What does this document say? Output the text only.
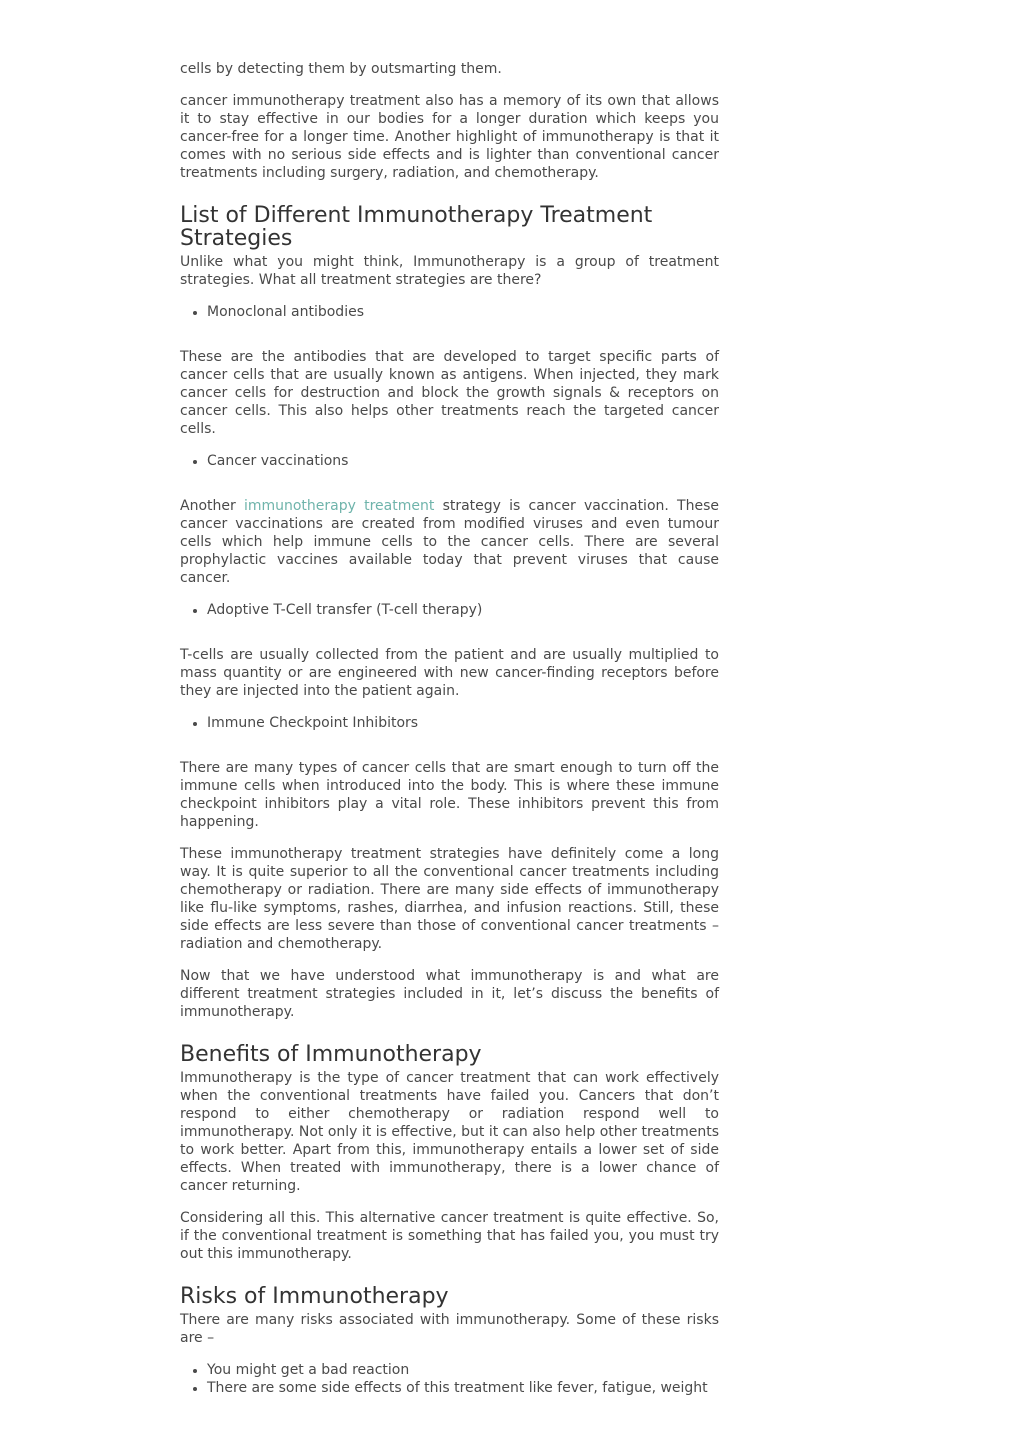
cells by detecting them by outsmarting them.

cancer immunotherapy treatment also has a memory of its own that allows it to stay effective in our bodies for a longer duration which keeps you cancer-free for a longer time. Another highlight of immunotherapy is that it comes with no serious side effects and is lighter than conventional cancer treatments including surgery, radiation, and chemotherapy.

List of Different Immunotherapy Treatment Strategies

Unlike what you might think, Immunotherapy is a group of treatment strategies. What all treatment strategies are there?

• Monoclonal antibodies

These are the antibodies that are developed to target specific parts of cancer cells that are usually known as antigens. When injected, they mark cancer cells for destruction and block the growth signals & receptors on cancer cells. This also helps other treatments reach the targeted cancer cells.

• Cancer vaccinations

Another immunotherapy treatment strategy is cancer vaccination. These cancer vaccinations are created from modified viruses and even tumour cells which help immune cells to the cancer cells. There are several prophylactic vaccines available today that prevent viruses that cause cancer.

• Adoptive T-Cell transfer (T-cell therapy)

T-cells are usually collected from the patient and are usually multiplied to mass quantity or are engineered with new cancer-finding receptors before they are injected into the patient again.

• Immune Checkpoint Inhibitors

There are many types of cancer cells that are smart enough to turn off the immune cells when introduced into the body. This is where these immune checkpoint inhibitors play a vital role. These inhibitors prevent this from happening.

These immunotherapy treatment strategies have definitely come a long way. It is quite superior to all the conventional cancer treatments including chemotherapy or radiation. There are many side effects of immunotherapy like flu-like symptoms, rashes, diarrhea, and infusion reactions. Still, these side effects are less severe than those of conventional cancer treatments – radiation and chemotherapy.

Now that we have understood what immunotherapy is and what are different treatment strategies included in it, let’s discuss the benefits of immunotherapy.

Benefits of Immunotherapy

Immunotherapy is the type of cancer treatment that can work effectively when the conventional treatments have failed you. Cancers that don’t respond to either chemotherapy or radiation respond well to immunotherapy. Not only it is effective, but it can also help other treatments to work better. Apart from this, immunotherapy entails a lower set of side effects. When treated with immunotherapy, there is a lower chance of cancer returning.

Considering all this. This alternative cancer treatment is quite effective. So, if the conventional treatment is something that has failed you, you must try out this immunotherapy.

Risks of Immunotherapy

There are many risks associated with immunotherapy. Some of these risks are –

• You might get a bad reaction
• There are some side effects of this treatment like fever, fatigue, weight
